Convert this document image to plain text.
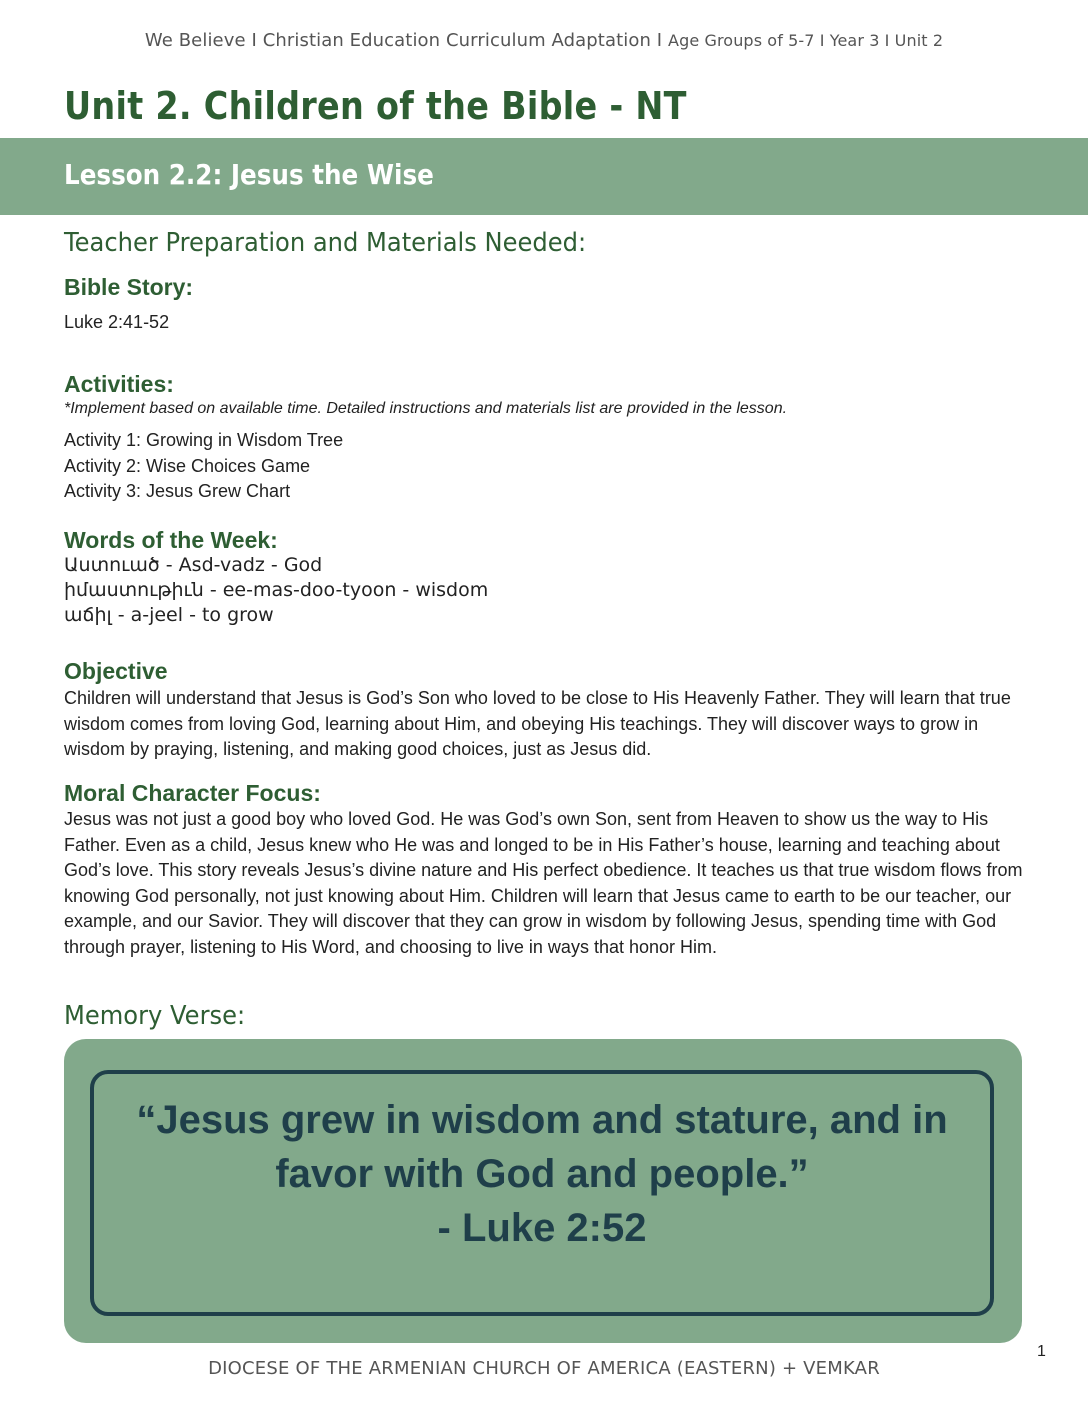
We Believe I Christian Education Curriculum Adaptation I Age Groups of 5-7 I Year 3 I Unit 2
Unit 2. Children of the Bible - NT
Lesson 2.2: Jesus the Wise
Teacher Preparation and Materials Needed:
Bible Story:
Luke 2:41-52
Activities:
*Implement based on available time. Detailed instructions and materials list are provided in the lesson.
Activity 1: Growing in Wisdom Tree
Activity 2: Wise Choices Game
Activity 3: Jesus Grew Chart
Words of the Week:
Աստուած - Asd-vadz - God
իմաստութիւն - ee-mas-doo-tyoon - wisdom
աճիլ - a-jeel - to grow
Objective

Children will understand that Jesus is God’s Son who loved to be close to His Heavenly Father. They will learn that true wisdom comes from loving God, learning about Him, and obeying His teachings. They will discover ways to grow in wisdom by praying, listening, and making good choices, just as Jesus did.

Moral Character Focus:

Jesus was not just a good boy who loved God. He was God’s own Son, sent from Heaven to show us the way to His Father. Even as a child, Jesus knew who He was and longed to be in His Father’s house, learning and teaching about God’s love. This story reveals Jesus’s divine nature and His perfect obedience. It teaches us that true wisdom flows from knowing God personally, not just knowing about Him. Children will learn that Jesus came to earth to be our teacher, our example, and our Savior. They will discover that they can grow in wisdom by following Jesus, spending time with God through prayer, listening to His Word, and choosing to live in ways that honor Him.

Memory Verse:
“Jesus grew in wisdom and stature, and in
favor with God and people.”
- Luke 2:52
1
DIOCESE OF THE ARMENIAN CHURCH OF AMERICA (EASTERN) + VEMKAR
